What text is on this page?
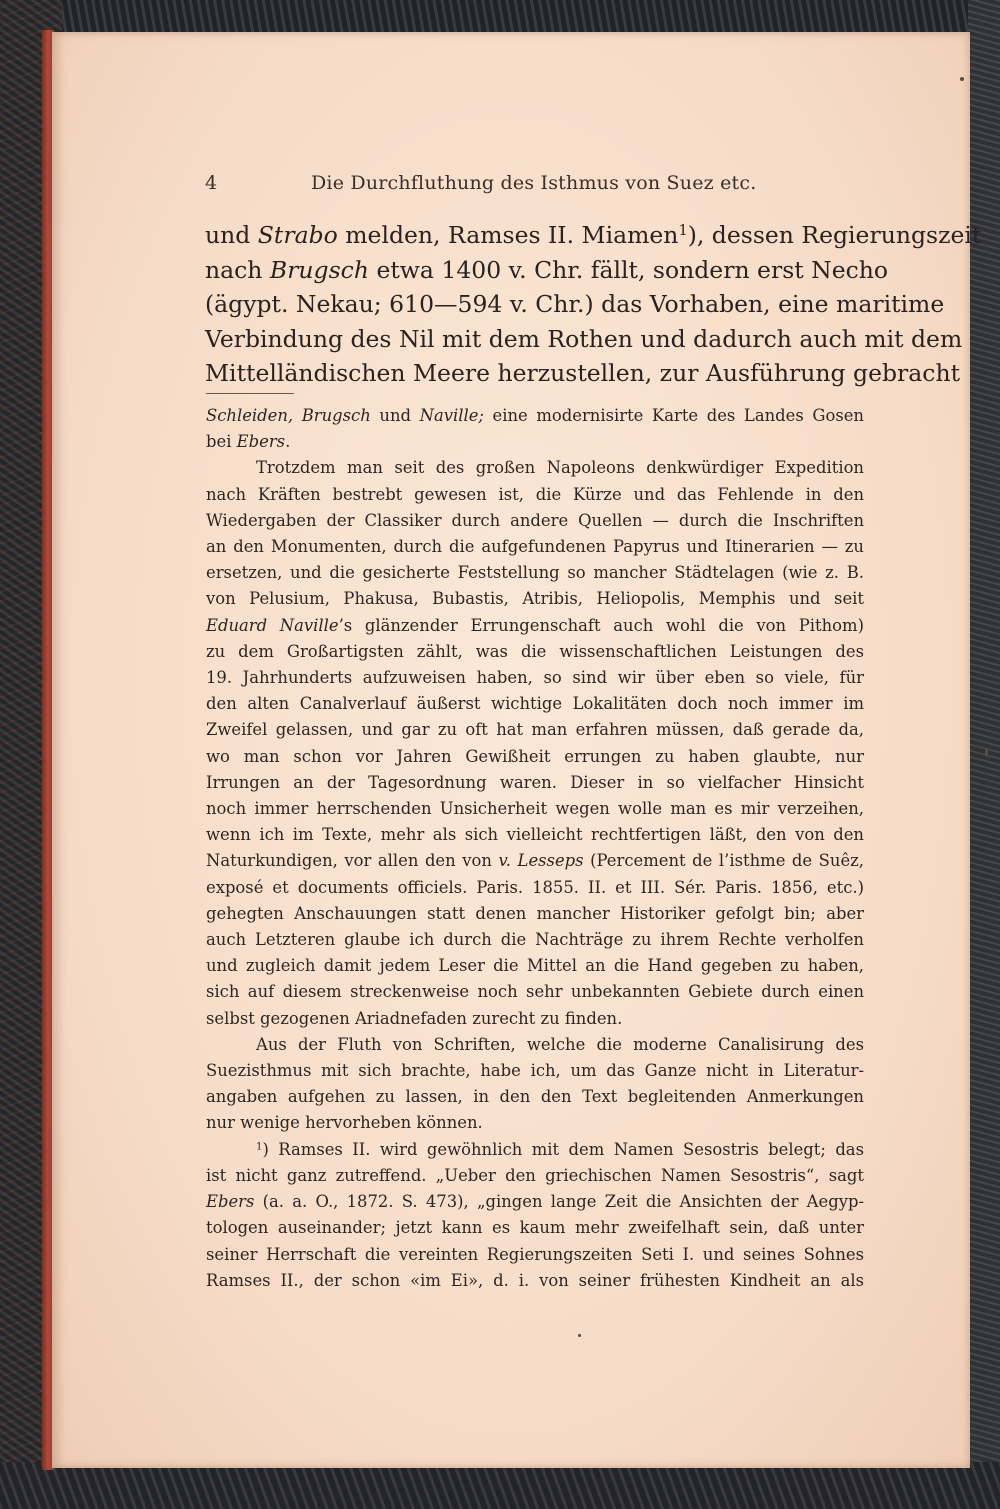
4	Die Durchfluthung des Isthmus von Suez etc.
und Strabo melden, Ramses II. Miamen$^1$), dessen Regierungszeit
nach Brugsch etwa 1400 v. Chr. fällt, sondern erst Necho
(ägypt. Nekau; 610—594 v. Chr.) das Vorhaben, eine maritime
Verbindung des Nil mit dem Rothen und dadurch auch mit dem
Mittelländischen Meere herzustellen, zur Ausführung gebracht
Schleiden, Brugsch und Naville; eine modernisirte Karte des Landes Gosen
bei Ebers.
Trotzdem man seit des großen Napoleons denkwürdiger Expedition
nach Kräften bestrebt gewesen ist, die Kürze und das Fehlende in den
Wiedergaben der Classiker durch andere Quellen — durch die Inschriften
an den Monumenten, durch die aufgefundenen Papyrus und Itinerarien — zu
ersetzen, und die gesicherte Feststellung so mancher Städtelagen (wie z. B.
von Pelusium, Phakusa, Bubastis, Atribis, Heliopolis, Memphis und seit
Eduard Naville’s glänzender Errungenschaft auch wohl die von Pithom)
zu dem Großartigsten zählt, was die wissenschaftlichen Leistungen des
19. Jahrhunderts aufzuweisen haben, so sind wir über eben so viele, für
den alten Canalverlauf äußerst wichtige Lokalitäten doch noch immer im
Zweifel gelassen, und gar zu oft hat man erfahren müssen, daß gerade da,
wo man schon vor Jahren Gewißheit errungen zu haben glaubte, nur
Irrungen an der Tagesordnung waren. Dieser in so vielfacher Hinsicht
noch immer herrschenden Unsicherheit wegen wolle man es mir verzeihen,
wenn ich im Texte, mehr als sich vielleicht rechtfertigen läßt, den von den
Naturkundigen, vor allen den von v. Lesseps (Percement de l’isthme de Suêz,
exposé et documents officiels. Paris. 1855. II. et III. Sér. Paris. 1856, etc.)
gehegten Anschauungen statt denen mancher Historiker gefolgt bin; aber
auch Letzteren glaube ich durch die Nachträge zu ihrem Rechte verholfen
und zugleich damit jedem Leser die Mittel an die Hand gegeben zu haben,
sich auf diesem streckenweise noch sehr unbekannten Gebiete durch einen
selbst gezogenen Ariadnefaden zurecht zu finden.
Aus der Fluth von Schriften, welche die moderne Canalisirung des
Suezisthmus mit sich brachte, habe ich, um das Ganze nicht in Literatur-
angaben aufgehen zu lassen, in den den Text begleitenden Anmerkungen
nur wenige hervorheben können.
$^1$) Ramses II. wird gewöhnlich mit dem Namen Sesostris belegt; das
ist nicht ganz zutreffend. „Ueber den griechischen Namen Sesostris“, sagt
Ebers (a. a. O., 1872. S. 473), „gingen lange Zeit die Ansichten der Aegyp-
tologen auseinander; jetzt kann es kaum mehr zweifelhaft sein, daß unter
seiner Herrschaft die vereinten Regierungszeiten Seti I. und seines Sohnes
Ramses II., der schon «im Ei», d. i. von seiner frühesten Kindheit an als
